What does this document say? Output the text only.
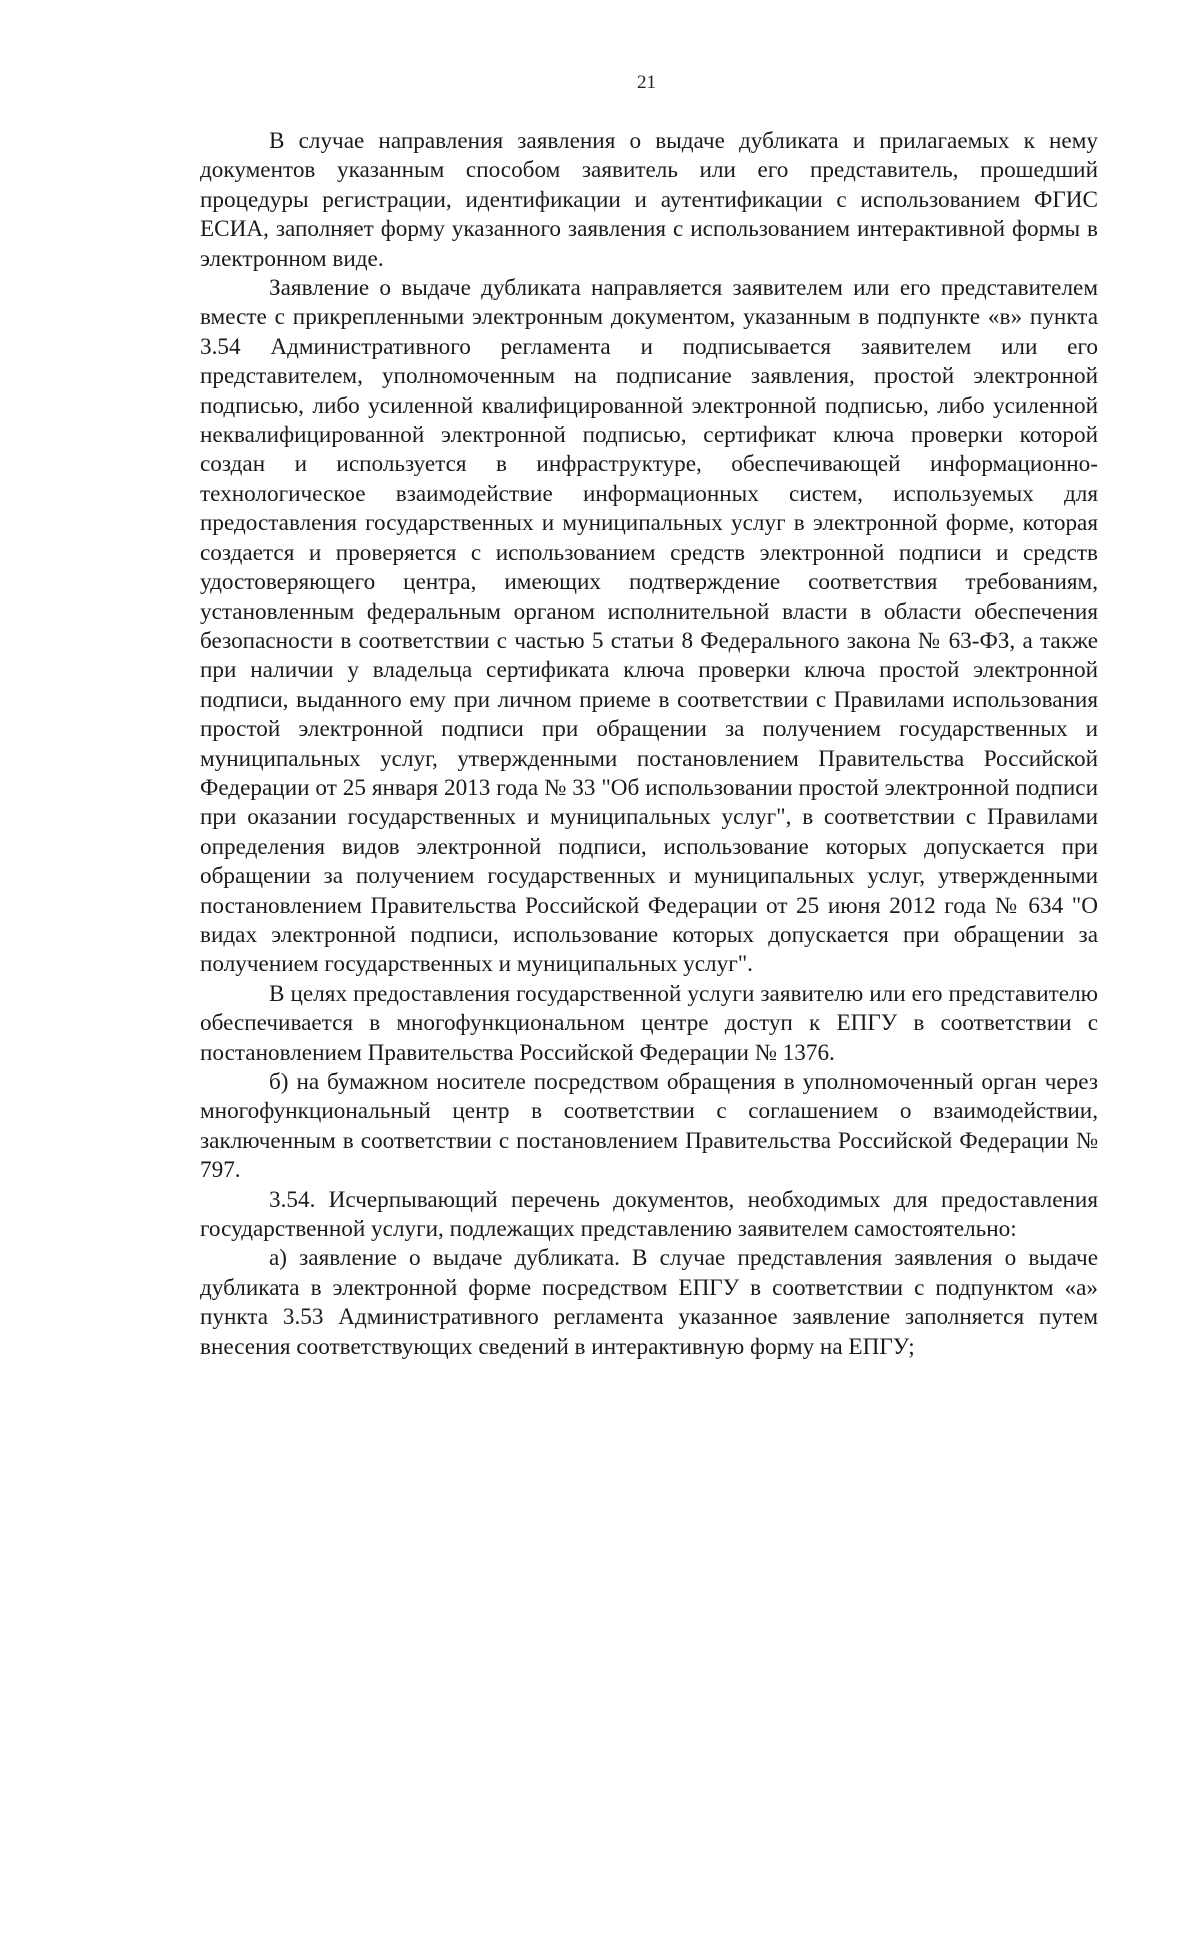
21

В случае направления заявления о выдаче дубликата и прилагаемых к нему документов указанным способом заявитель или его представитель, прошедший процедуры регистрации, идентификации и аутентификации с использованием ФГИС ЕСИА, заполняет форму указанного заявления с использованием интерактивной формы в электронном виде.

Заявление о выдаче дубликата направляется заявителем или его представителем вместе с прикрепленными электронным документом, указанным в подпункте «в» пункта 3.54 Административного регламента и подписывается заявителем или его представителем, уполномоченным на подписание заявления, простой электронной подписью, либо усиленной квалифицированной электронной подписью, либо усиленной неквалифицированной электронной подписью, сертификат ключа проверки которой создан и используется в инфраструктуре, обеспечивающей информационно-технологическое взаимодействие информационных систем, используемых для предоставления государственных и муниципальных услуг в электронной форме, которая создается и проверяется с использованием средств электронной подписи и средств удостоверяющего центра, имеющих подтверждение соответствия требованиям, установленным федеральным органом исполнительной власти в области обеспечения безопасности в соответствии с частью 5 статьи 8 Федерального закона № 63-ФЗ, а также при наличии у владельца сертификата ключа проверки ключа простой электронной подписи, выданного ему при личном приеме в соответствии с Правилами использования простой электронной подписи при обращении за получением государственных и муниципальных услуг, утвержденными постановлением Правительства Российской Федерации от 25 января 2013 года № 33 "Об использовании простой электронной подписи при оказании государственных и муниципальных услуг", в соответствии с Правилами определения видов электронной подписи, использование которых допускается при обращении за получением государственных и муниципальных услуг, утвержденными постановлением Правительства Российской Федерации от 25 июня 2012 года № 634 "О видах электронной подписи, использование которых допускается при обращении за получением государственных и муниципальных услуг".

В целях предоставления государственной услуги заявителю или его представителю обеспечивается в многофункциональном центре доступ к ЕПГУ в соответствии с постановлением Правительства Российской Федерации № 1376.

б) на бумажном носителе посредством обращения в уполномоченный орган через многофункциональный центр в соответствии с соглашением о взаимодействии, заключенным в соответствии с постановлением Правительства Российской Федерации № 797.

3.54. Исчерпывающий перечень документов, необходимых для предоставления государственной услуги, подлежащих представлению заявителем самостоятельно:

а) заявление о выдаче дубликата. В случае представления заявления о выдаче дубликата в электронной форме посредством ЕПГУ в соответствии с подпунктом «а» пункта 3.53 Административного регламента указанное заявление заполняется путем внесения соответствующих сведений в интерактивную форму на ЕПГУ;
